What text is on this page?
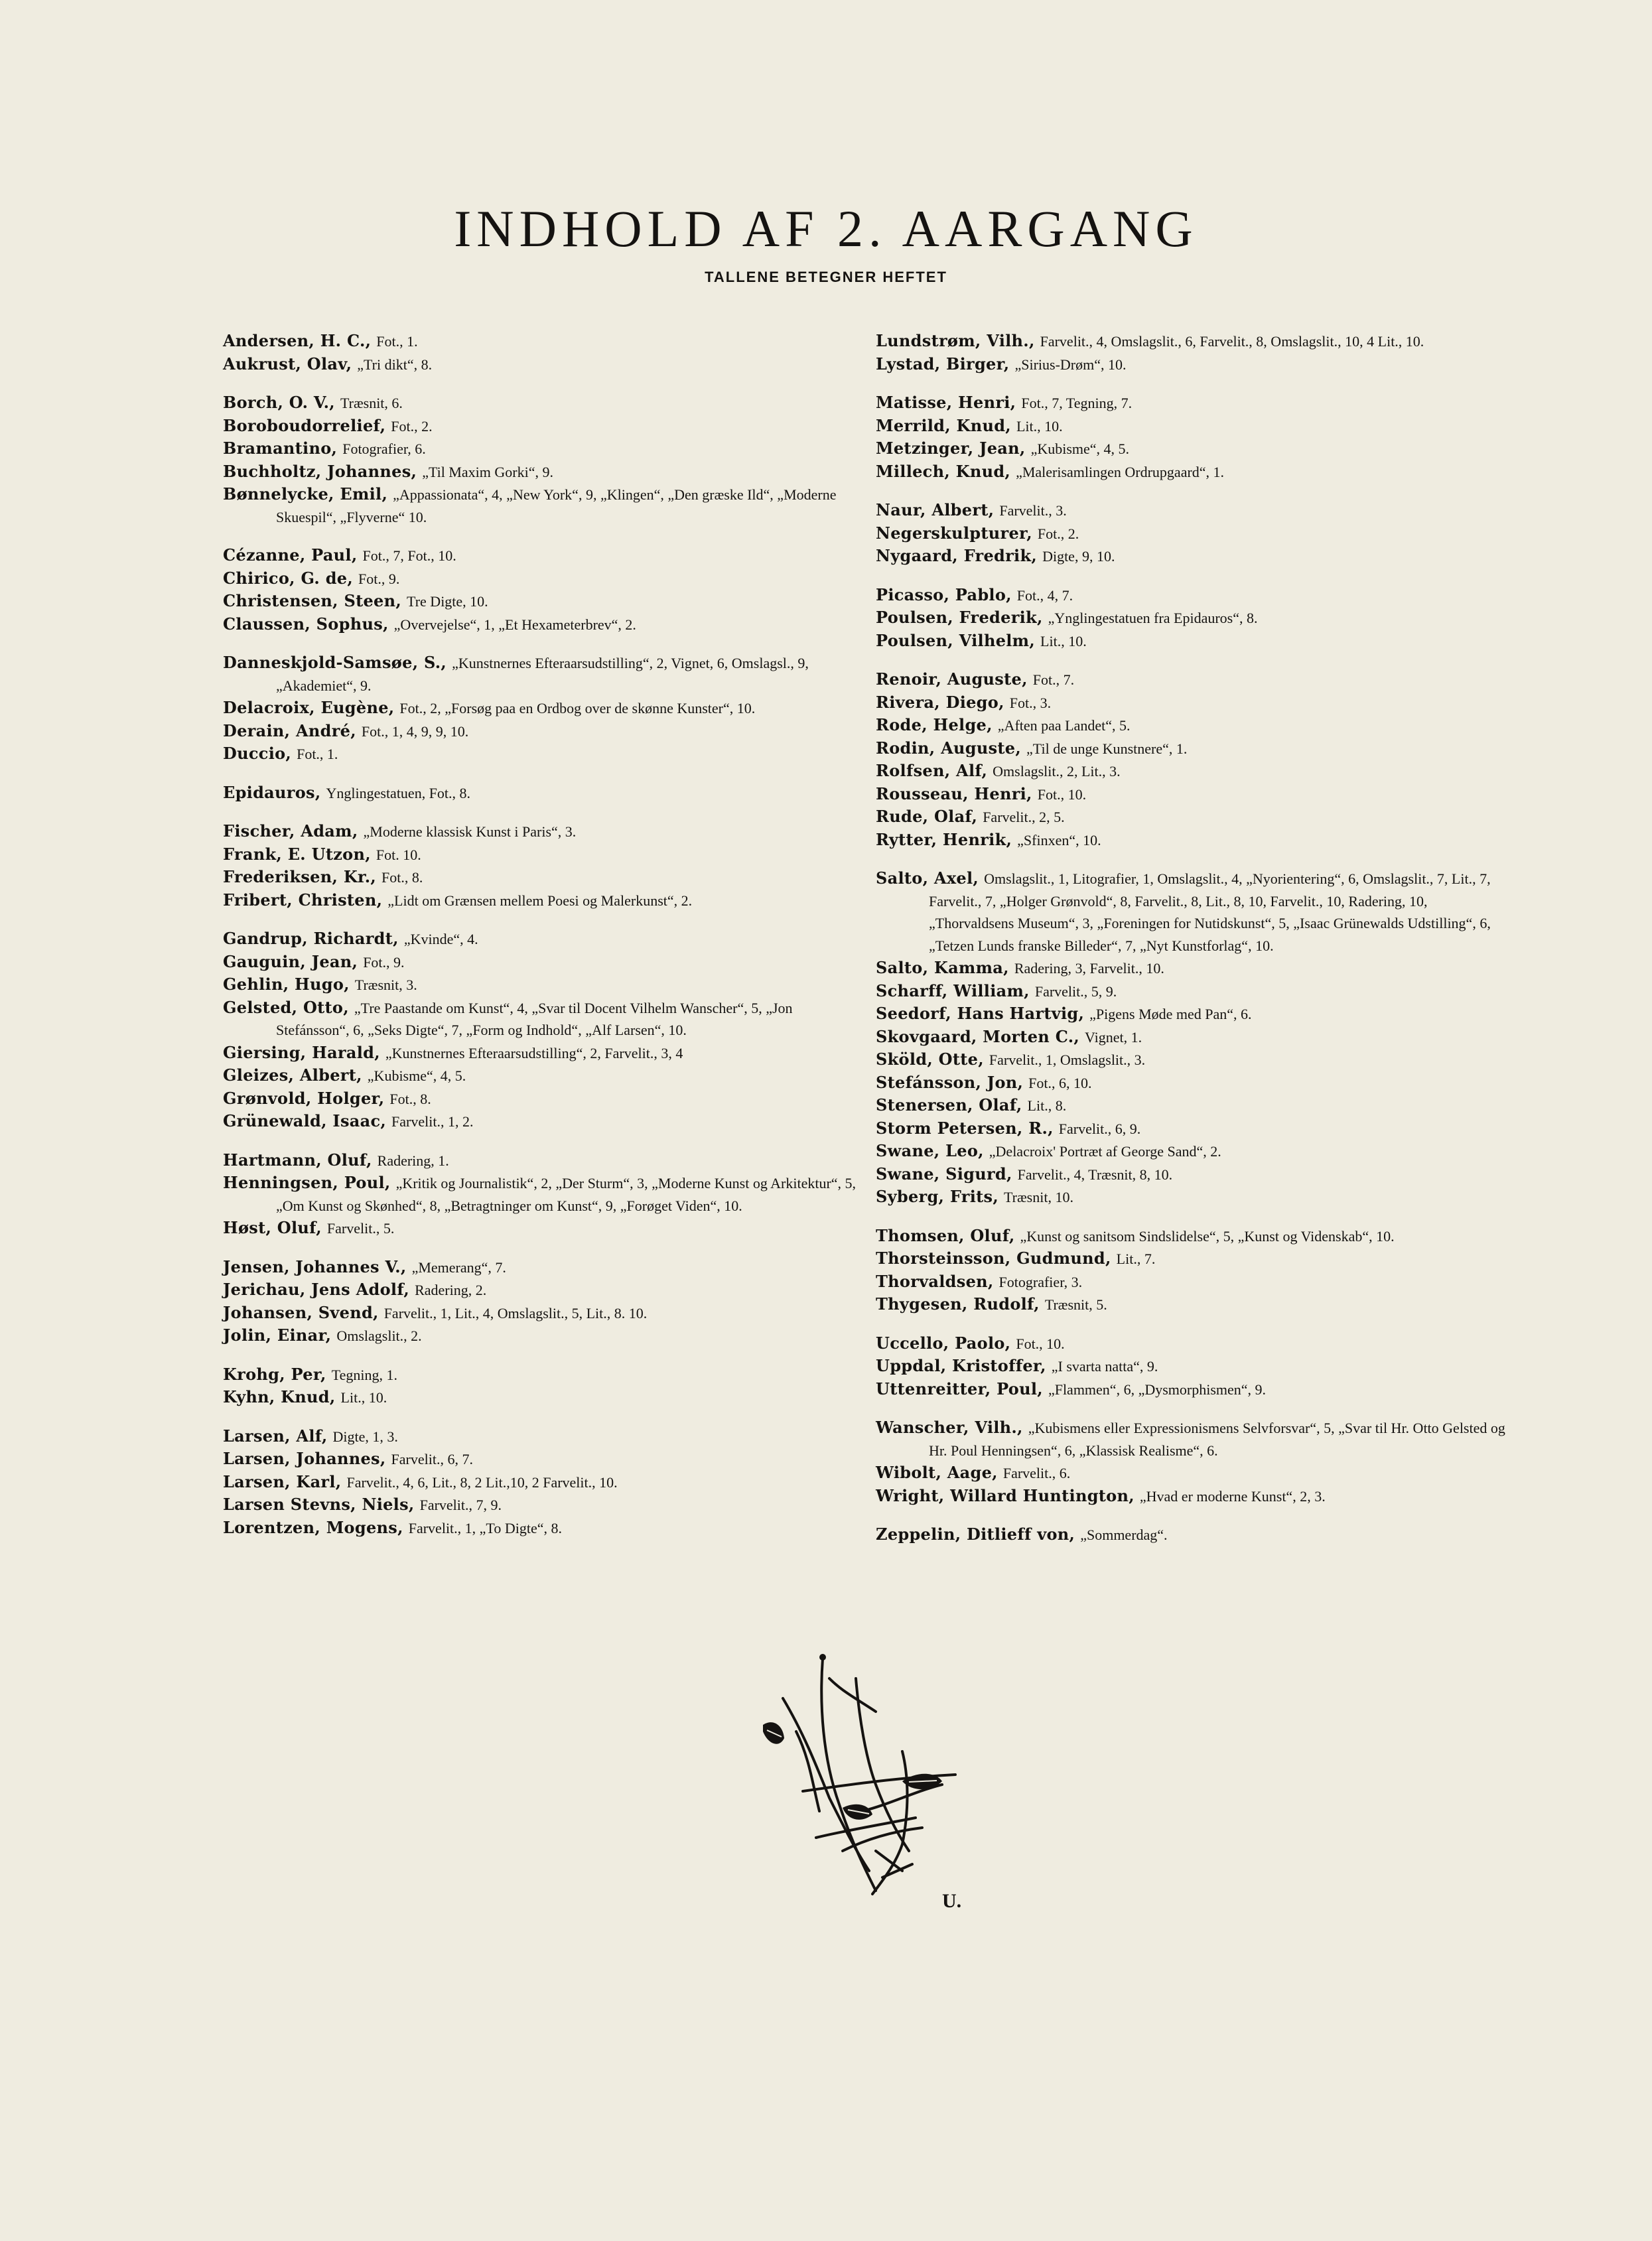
INDHOLD AF 2. AARGANG
TALLENE BETEGNER HEFTET
Andersen, H. C., Fot., 1.
Aukrust, Olav, „Tri dikt“, 8.
Borch, O. V., Træsnit, 6.
Boroboudorrelief, Fot., 2.
Bramantino, Fotografier, 6.
Buchholtz, Johannes, „Til Maxim Gorki“, 9.
Bønnelycke, Emil, „Appassionata“, 4, „New York“, 9, „Klingen“, „Den græske Ild“, „Moderne Skuespil“, „Flyverne“ 10.
Cézanne, Paul, Fot., 7, Fot., 10.
Chirico, G. de, Fot., 9.
Christensen, Steen, Tre Digte, 10.
Claussen, Sophus, „Overvejelse“, 1, „Et Hexameterbrev“, 2.
Danneskjold-Samsøe, S., „Kunstnernes Efteraarsudstilling“, 2, Vignet, 6, Omslagsl., 9, „Akademiet“, 9.
Delacroix, Eugène, Fot., 2, „Forsøg paa en Ordbog over de skønne Kunster“, 10.
Derain, André, Fot., 1, 4, 9, 9, 10.
Duccio, Fot., 1.
Epidauros, Ynglingestatuen, Fot., 8.
Fischer, Adam, „Moderne klassisk Kunst i Paris“, 3.
Frank, E. Utzon, Fot. 10.
Frederiksen, Kr., Fot., 8.
Fribert, Christen, „Lidt om Grænsen mellem Poesi og Malerkunst“, 2.
Gandrup, Richardt, „Kvinde“, 4.
Gauguin, Jean, Fot., 9.
Gehlin, Hugo, Træsnit, 3.
Gelsted, Otto, „Tre Paastande om Kunst“, 4, „Svar til Docent Vilhelm Wanscher“, 5, „Jon Stefánsson“, 6, „Seks Digte“, 7, „Form og Indhold“, „Alf Larsen“, 10.
Giersing, Harald, „Kunstnernes Efteraarsudstilling“, 2, Farvelit., 3, 4
Gleizes, Albert, „Kubisme“, 4, 5.
Grønvold, Holger, Fot., 8.
Grünewald, Isaac, Farvelit., 1, 2.
Hartmann, Oluf, Radering, 1.
Henningsen, Poul, „Kritik og Journalistik“, 2, „Der Sturm“, 3, „Moderne Kunst og Arkitektur“, 5, „Om Kunst og Skønhed“, 8, „Betragtninger om Kunst“, 9, „Forøget Viden“, 10.
Høst, Oluf, Farvelit., 5.
Jensen, Johannes V., „Memerang“, 7.
Jerichau, Jens Adolf, Radering, 2.
Johansen, Svend, Farvelit., 1, Lit., 4, Omslagslit., 5, Lit., 8. 10.
Jolin, Einar, Omslagslit., 2.
Krohg, Per, Tegning, 1.
Kyhn, Knud, Lit., 10.
Larsen, Alf, Digte, 1, 3.
Larsen, Johannes, Farvelit., 6, 7.
Larsen, Karl, Farvelit., 4, 6, Lit., 8, 2 Lit.,10, 2 Farvelit., 10.
Larsen Stevns, Niels, Farvelit., 7, 9.
Lorentzen, Mogens, Farvelit., 1, „To Digte“, 8.
Lundstrøm, Vilh., Farvelit., 4, Omslagslit., 6, Farvelit., 8, Omslagslit., 10, 4 Lit., 10.
Lystad, Birger, „Sirius-Drøm“, 10.
Matisse, Henri, Fot., 7, Tegning, 7.
Merrild, Knud, Lit., 10.
Metzinger, Jean, „Kubisme“, 4, 5.
Millech, Knud, „Malerisamlingen Ordrupgaard“, 1.
Naur, Albert, Farvelit., 3.
Negerskulpturer, Fot., 2.
Nygaard, Fredrik, Digte, 9, 10.
Picasso, Pablo, Fot., 4, 7.
Poulsen, Frederik, „Ynglingestatuen fra Epidauros“, 8.
Poulsen, Vilhelm, Lit., 10.
Renoir, Auguste, Fot., 7.
Rivera, Diego, Fot., 3.
Rode, Helge, „Aften paa Landet“, 5.
Rodin, Auguste, „Til de unge Kunstnere“, 1.
Rolfsen, Alf, Omslagslit., 2, Lit., 3.
Rousseau, Henri, Fot., 10.
Rude, Olaf, Farvelit., 2, 5.
Rytter, Henrik, „Sfinxen“, 10.
Salto, Axel, Omslagslit., 1, Litografier, 1, Omslagslit., 4, „Nyorientering“, 6, Omslagslit., 7, Lit., 7, Farvelit., 7, „Holger Grønvold“, 8, Farvelit., 8, Lit., 8, 10, Farvelit., 10, Radering, 10, „Thorvaldsens Museum“, 3, „Foreningen for Nutidskunst“, 5, „Isaac Grünewalds Udstilling“, 6, „Tetzen Lunds franske Billeder“, 7, „Nyt Kunstforlag“, 10.
Salto, Kamma, Radering, 3, Farvelit., 10.
Scharff, William, Farvelit., 5, 9.
Seedorf, Hans Hartvig, „Pigens Møde med Pan“, 6.
Skovgaard, Morten C., Vignet, 1.
Sköld, Otte, Farvelit., 1, Omslagslit., 3.
Stefánsson, Jon, Fot., 6, 10.
Stenersen, Olaf, Lit., 8.
Storm Petersen, R., Farvelit., 6, 9.
Swane, Leo, „Delacroix' Portræt af George Sand“, 2.
Swane, Sigurd, Farvelit., 4, Træsnit, 8, 10.
Syberg, Frits, Træsnit, 10.
Thomsen, Oluf, „Kunst og sanitsom Sindslidelse“, 5, „Kunst og Videnskab“, 10.
Thorsteinsson, Gudmund, Lit., 7.
Thorvaldsen, Fotografier, 3.
Thygesen, Rudolf, Træsnit, 5.
Uccello, Paolo, Fot., 10.
Uppdal, Kristoffer, „I svarta natta“, 9.
Uttenreitter, Poul, „Flammen“, 6, „Dysmorphismen“, 9.
Wanscher, Vilh., „Kubismens eller Expressionismens Selvforsvar“, 5, „Svar til Hr. Otto Gelsted og Hr. Poul Henningsen“, 6, „Klassisk Realisme“, 6.
Wibolt, Aage, Farvelit., 6.
Wright, Willard Huntington, „Hvad er moderne Kunst“, 2, 3.
Zeppelin, Ditlieff von, „Sommerdag“.
U.
